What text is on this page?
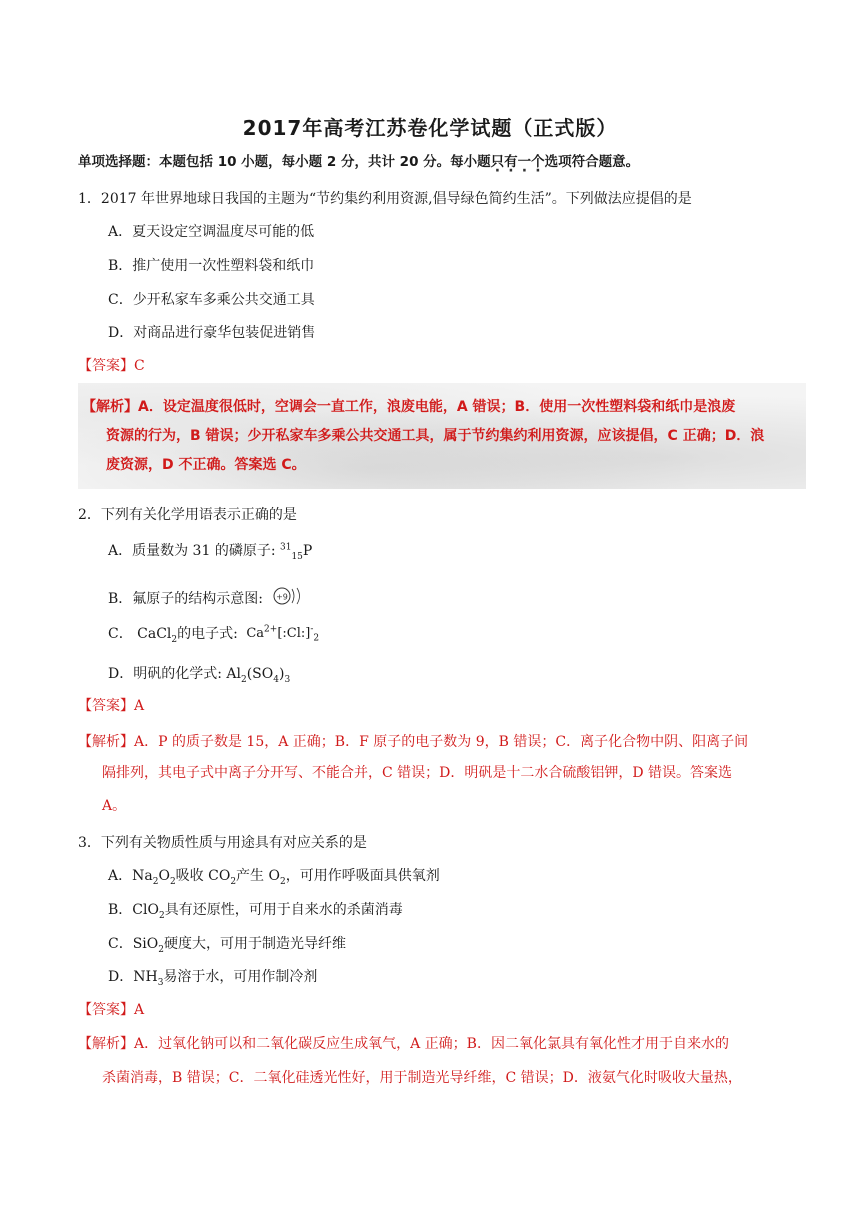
2017年高考江苏卷化学试题（正式版）
单项选择题：本题包括 10 小题，每小题 2 分，共计 20 分。每小题只有一个选项符合题意。
1．2017 年世界地球日我国的主题为“节约集约利用资源,倡导绿色简约生活”。下列做法应提倡的是
A．夏天设定空调温度尽可能的低
B．推广使用一次性塑料袋和纸巾
C．少开私家车多乘公共交通工具
D．对商品进行豪华包装促进销售
【答案】C
【解析】A．设定温度很低时，空调会一直工作，浪废电能，A 错误；B．使用一次性塑料袋和纸巾是浪废
资源的行为，B 错误；少开私家车多乘公共交通工具，属于节约集约利用资源，应该提倡，C 正确；D．浪
废资源，D 不正确。答案选 C。
2．下列有关化学用语表示正确的是
A．质量数为 31 的磷原子: $^{31}_{15}$P
B．氟原子的结构示意图: +9
C． CaCl$_2$的电子式: $Ca^{2+}[:Cl:]^-_2$
D．明矾的化学式: $Al_2(SO_4)_3$
【答案】A
【解析】A．P 的质子数是 15，A 正确；B．F 原子的电子数为 9，B 错误；C．离子化合物中阴、阳离子间
隔排列，其电子式中离子分开写、不能合并，C 错误；D．明矾是十二水合硫酸铝钾，D 错误。答案选
A。
3．下列有关物质性质与用途具有对应关系的是
A．$Na_2O_2$吸收 $CO_2$产生 $O_2$，可用作呼吸面具供氧剂
B．ClO$_2$具有还原性，可用于自来水的杀菌消毒
C．SiO$_2$硬度大，可用于制造光导纤维
D．$NH_3$易溶于水，可用作制冷剂
【答案】A
【解析】A．过氧化钠可以和二氧化碳反应生成氧气，A 正确；B．因二氧化氯具有氧化性才用于自来水的
杀菌消毒，B 错误；C．二氧化硅透光性好，用于制造光导纤维，C 错误；D．液氨气化时吸收大量热，
